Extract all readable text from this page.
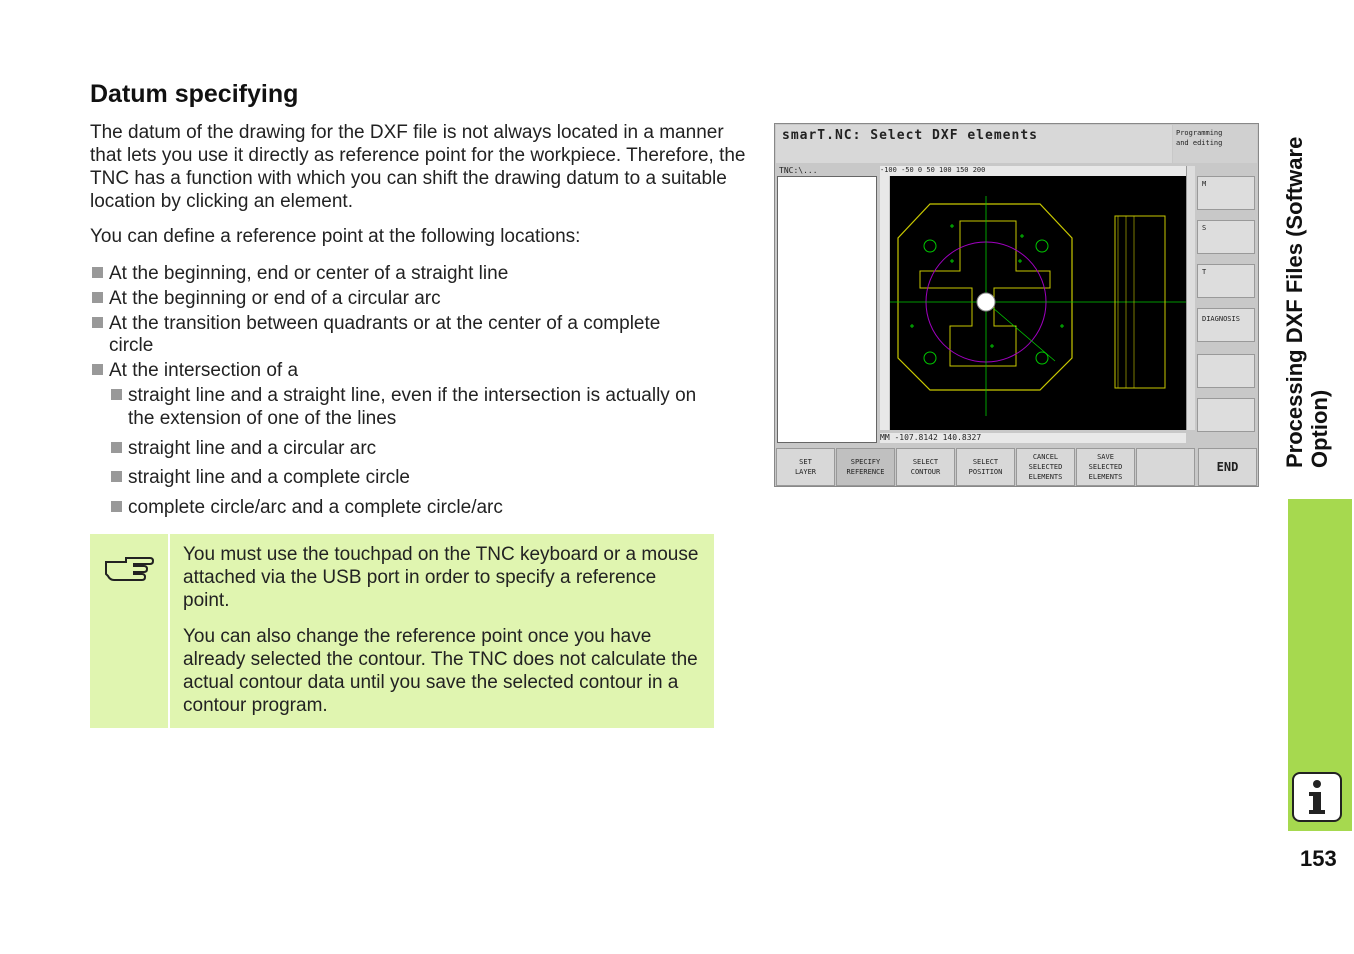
Datum specifying

The datum of the drawing for the DXF file is not always located in a manner that lets you use it directly as reference point for the workpiece. Therefore, the TNC has a function with which you can shift the drawing datum to a suitable location by clicking an element.

You can define a reference point at the following locations:

At the beginning, end or center of a straight line
At the beginning or end of a circular arc
At the transition between quadrants or at the center of a complete
circle
At the intersection of a
straight line and a straight line, even if the intersection is actually on
the extension of one of the lines
straight line and a circular arc
straight line and a complete circle
complete circle/arc and a complete circle/arc

You must use the touchpad on the TNC keyboard or a mouse attached via the USB port in order to specify a reference point.

You can also change the reference point once you have already selected the contour. The TNC does not calculate the actual contour data until you save the selected contour in a contour program.

smarT.NC: Select DXF elements	Programming
and editing
TNC:\...	-100 -50 0 50 100 150 200
MM -107.8142 140.8327
M
S
T
DIAGNOSIS
SET
LAYER
SPECIFY
REFERENCE
SELECT
CONTOUR
SELECT
POSITION
CANCEL
SELECTED
ELEMENTS
SAVE
SELECTED
ELEMENTS
END Processing DXF Files (Software Option)
153
